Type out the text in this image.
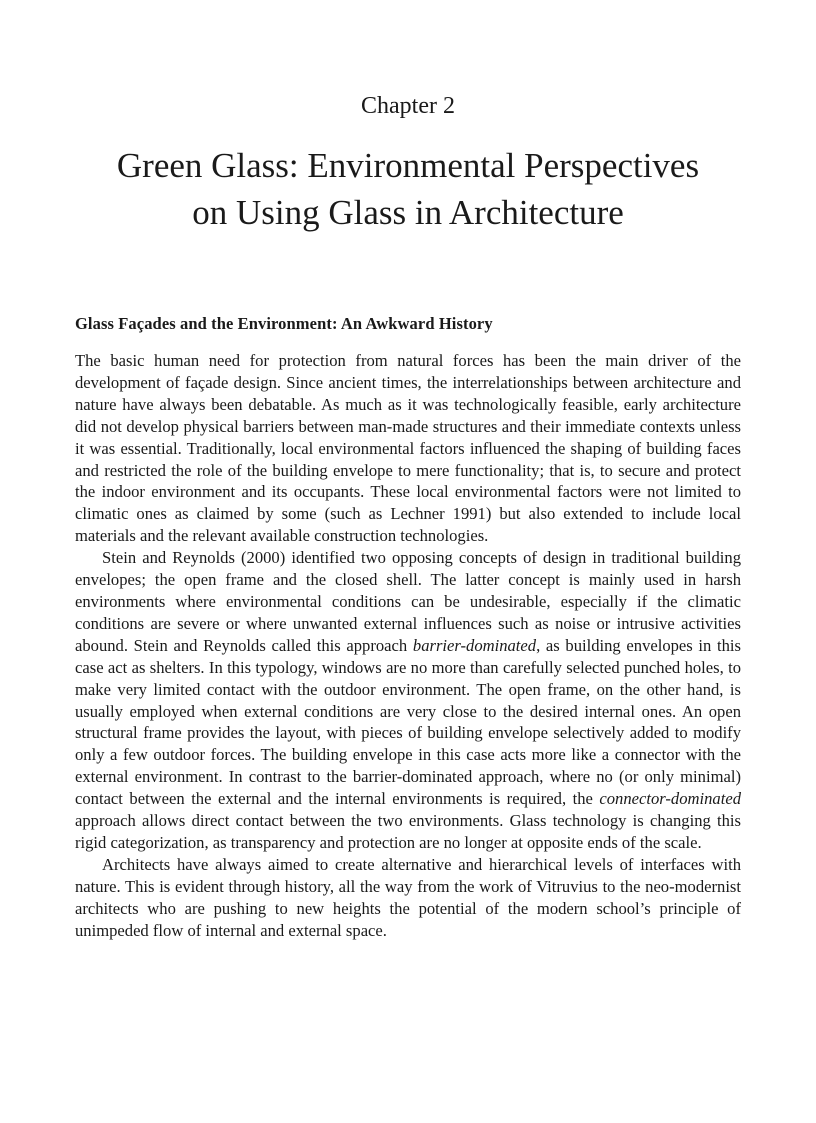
Chapter 2
Green Glass: Environmental Perspectives
on Using Glass in Architecture
Glass Façades and the Environment: An Awkward History

The basic human need for protection from natural forces has been the main driver of the development of façade design. Since ancient times, the interrelationships between architecture and nature have always been debatable. As much as it was technologically feasible, early architecture did not develop physical barriers between man-made structures and their immediate contexts unless it was essential. Traditionally, local environmental factors influenced the shaping of building faces and restricted the role of the building envelope to mere functionality; that is, to secure and protect the indoor environment and its occupants. These local environmental factors were not limited to climatic ones as claimed by some (such as Lechner 1991) but also extended to include local materials and the relevant available construction technologies.

Stein and Reynolds (2000) identified two opposing concepts of design in traditional building envelopes; the open frame and the closed shell. The latter concept is mainly used in harsh environments where environmental conditions can be undesirable, especially if the climatic conditions are severe or where unwanted external influences such as noise or intrusive activities abound. Stein and Reynolds called this approach barrier-dominated, as building envelopes in this case act as shelters. In this typology, windows are no more than carefully selected punched holes, to make very limited contact with the outdoor environment. The open frame, on the other hand, is usually employed when external conditions are very close to the desired internal ones. An open structural frame provides the layout, with pieces of building envelope selectively added to modify only a few outdoor forces. The building envelope in this case acts more like a connector with the external environment. In contrast to the barrier-dominated approach, where no (or only minimal) contact between the external and the internal environments is required, the connector-dominated approach allows direct contact between the two environments. Glass technology is changing this rigid categorization, as transparency and protection are no longer at opposite ends of the scale.

Architects have always aimed to create alternative and hierarchical levels of interfaces with nature. This is evident through history, all the way from the work of Vitruvius to the neo-modernist architects who are pushing to new heights the potential of the modern school’s principle of unimpeded flow of internal and external space.
